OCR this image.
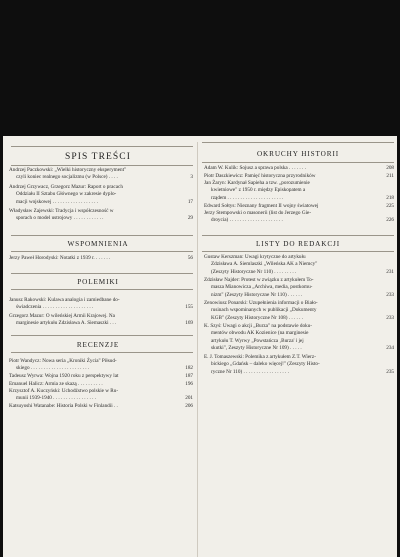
SPIS TREŚCI
Andrzej Paczkowski: „Wielki historyczny eksperyment"
czyli koniec realnego socjalizmu (w Polsce) . . . .	3
Andrzej Grzywacz, Grzegorz Mazur: Raport o pracach
Oddziału II Sztabu Głównego w zakresie dyplo-
macji wojskowej . . . . . . . . . . . . . . . . . .	17
Władysław Zajewski: Tradycja i współczesność w
sporach o model ustrojowy . . . . . . . . . . . .	29
WSPOMNIENIA
Jerzy Paweł Horodyski: Notatki z 1939 r. . . . . . .	56
POLEMIKI
Janusz Rakowski: Kulawa analogia i zamiedbane do-
świadczenia . . . . . . . . . . . . . . . . . . . .	155
Grzegorz Mazur: O wileńskiej Armii Krajowej. Na
marginesie artykułu Zdzisława A. Siemaszki . . .	169
RECENZJE
Piotr Wandycz: Nowa seria „Kroniki Życia" Piłsud-
skiego . . . . . . . . . . . . . . . . . . . . . . .	182
Tadeusz Wyrwa: Wojna 1920 roku z perspektywy lat	187
Emanuel Halicz: Armia ze skazą . . . . . . . . . .	196
Krzysztof A. Kuczyński: Uchodźstwo polskie w Ru-
munii 1939-1940 . . . . . . . . . . . . . . . . .	201
Katsuyoshi Watanabe: Historia Polski w Finlandii . .	206
OKRUCHY HISTORII
Adam W. Kulik: Sojusz a sprawa polska . . . . . . .	208
Piotr Daszkiewicz: Pamięć historyczna przyrodników	211
Jan Żaryn: Kardynał Sapieha a tzw. „porozumienie
kwietniowe" z 1950 r. między Episkopatem a
rządem . . . . . . . . . . . . . . . . . . . . . .	218
Edward Sołtys: Nieznany fragment II wojny światowej	225
Jerzy Stempowski o masonerii (list do Jerzego Gie-
droycia) . . . . . . . . . . . . . . . . . . . . .	226
LISTY DO REDAKCJI
Gustaw Kerszman: Uwagi krytyczne do artykułu
Zdzisława A. Siemlaszki „Wileńska AK a Niemcy"
(Zeszyty Historyczne Nr 110) . . . . . . . . .	231
Zdzisław Najder: Protest w związku z artykułem To-
masza Mianowicza „Archiwa, media, postkomu-
nizm" (Zeszyty Historyczne Nr 110) . . . . . .	233
Zenowiusz Ponarski: Uzupełnienia informacji o Biało-
rusinach wspominanych w publikacji „Dokumenty
KGB" (Zeszyty Historyczne Nr 108) . . . . . .	233
K. Szyś: Uwagi o akcji „Burza" na podstawie doku-
mentów obwodu AK Kozienice (na marginesie
artykułu T. Wyrwy „Powstańcza ‚Burza' i jej
skutki", Zeszyty Historyczne Nr 109) . . . . .	234
E. J. Tomaszewski: Polemika z artykułem Z.T. Wierz-
bickiego „Gdańsk – daleko więcej!" (Zeszyty Histo-
ryczne Nr 110) . . . . . . . . . . . . . . . . . .	235
